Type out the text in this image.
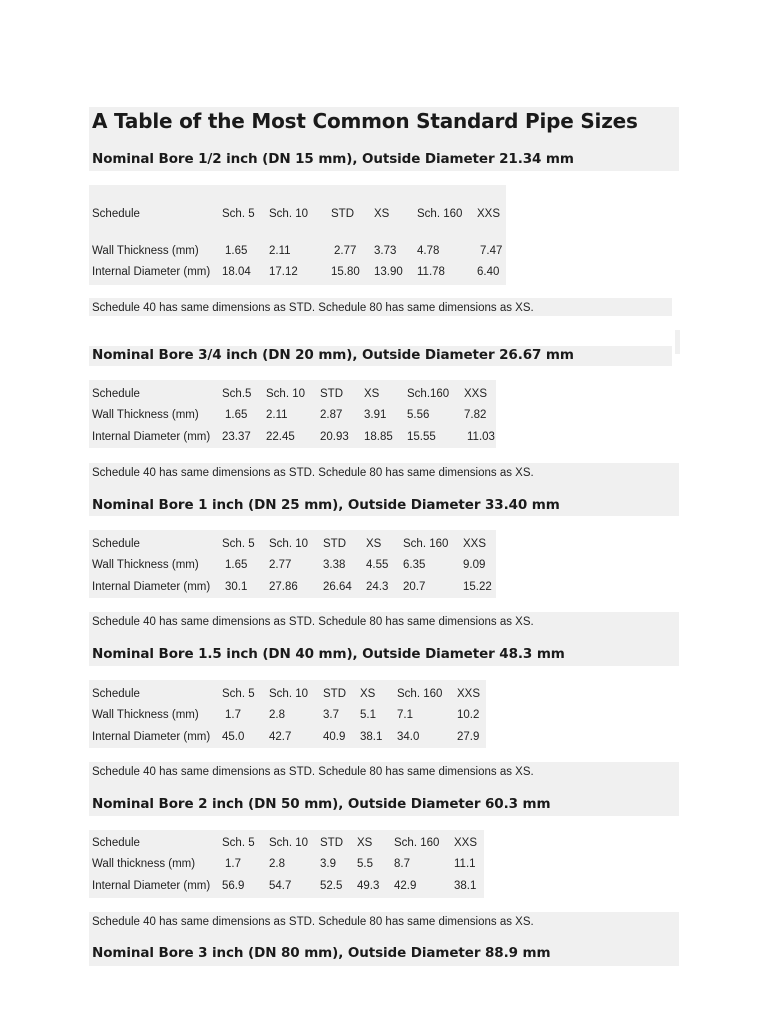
A Table of the Most Common Standard Pipe Sizes
Nominal Bore 1/2 inch (DN 15 mm), Outside Diameter 21.34 mm
Schedule	Sch. 5 Sch. 10 STD XS Sch. 160 XXS
Wall Thickness (mm) 1.65 2.11	2.77 3.73 4.78	7.47
Internal Diameter (mm) 18.04 17.12	15.80 13.90 11.78	6.40
Schedule 40 has same dimensions as STD. Schedule 80 has same dimensions as XS.
Nominal Bore 3/4 inch (DN 20 mm), Outside Diameter 26.67 mm
Schedule	Sch.5 Sch. 10 STD XS Sch.160 XXS
Wall Thickness (mm) 1.65 2.11	2.87 3.91 5.56	7.82
Internal Diameter (mm) 23.37 22.45 20.93 18.85 15.55	11.03
Schedule 40 has same dimensions as STD. Schedule 80 has same dimensions as XS.
Nominal Bore 1 inch (DN 25 mm), Outside Diameter 33.40 mm
Schedule	Sch. 5 Sch. 10 STD XS Sch. 160 XXS
Wall Thickness (mm) 1.65 2.77	3.38 4.55 6.35	9.09
Internal Diameter (mm) 30.1 27.86 26.64 24.3 20.7	15.22
Schedule 40 has same dimensions as STD. Schedule 80 has same dimensions as XS.
Nominal Bore 1.5 inch (DN 40 mm), Outside Diameter 48.3 mm
Schedule	Sch. 5 Sch. 10 STD XS Sch. 160 XXS
Wall Thickness (mm) 1.7 2.8	3.7 5.1 7.1	10.2
Internal Diameter (mm) 45.0 42.7	40.9 38.1 34.0	27.9
Schedule 40 has same dimensions as STD. Schedule 80 has same dimensions as XS.
Nominal Bore 2 inch (DN 50 mm), Outside Diameter 60.3 mm
Schedule	Sch. 5 Sch. 10 STD XS Sch. 160 XXS
Wall thickness (mm)	1.7 2.8	3.9 5.5 8.7	11.1
Internal Diameter (mm) 56.9 54.7 52.5 49.3 42.9	38.1
Schedule 40 has same dimensions as STD. Schedule 80 has same dimensions as XS.
Nominal Bore 3 inch (DN 80 mm), Outside Diameter 88.9 mm
